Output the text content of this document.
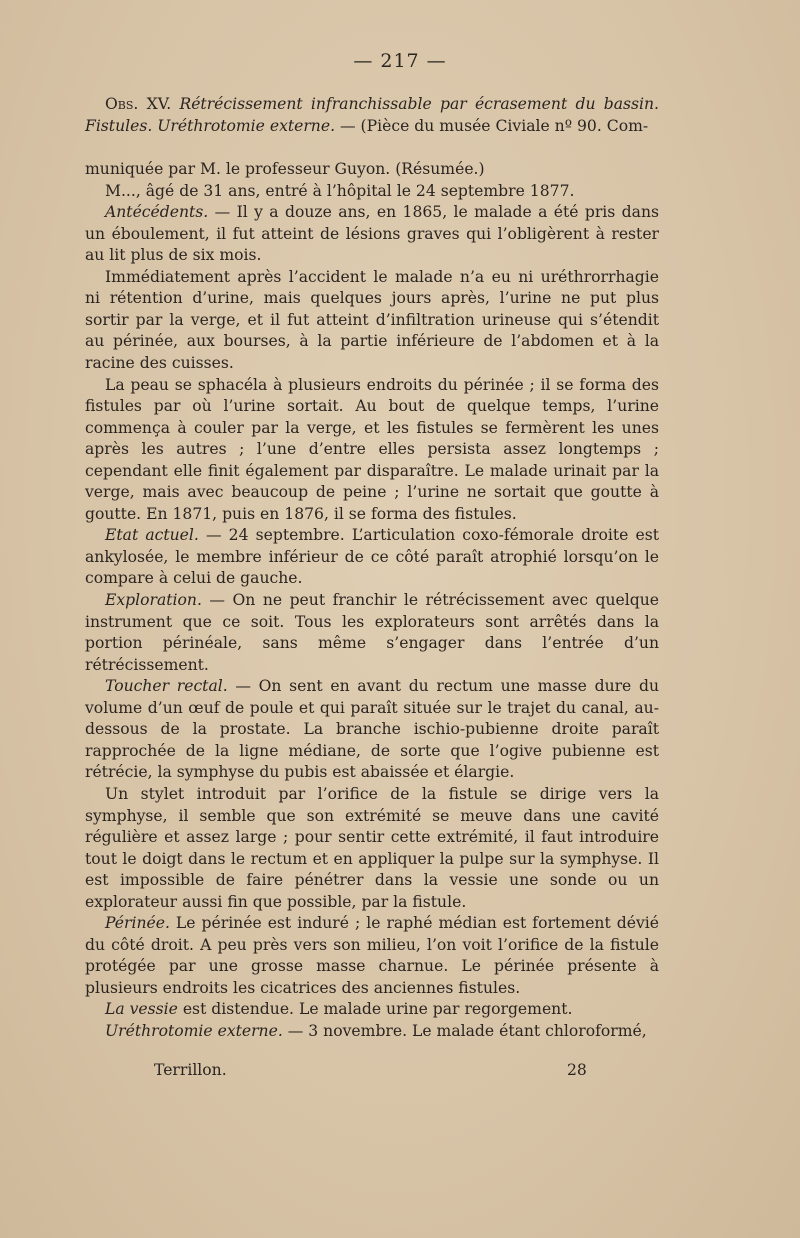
— 217 —

Obs. XV. Rétrécissement infranchissable par écrasement du bassin. Fistules. Uréthrotomie externe. — (Pièce du musée Civiale nº 90. Com-

muniquée par M. le professeur Guyon. (Résumée.)

M..., âgé de 31 ans, entré à l’hôpital le 24 septembre 1877.

Antécédents. — Il y a douze ans, en 1865, le malade a été pris dans un éboulement, il fut atteint de lésions graves qui l’obligèrent à rester au lit plus de six mois.

Immédiatement après l’accident le malade n’a eu ni uréthrorrhagie ni rétention d’urine, mais quelques jours après, l’urine ne put plus sortir par la verge, et il fut atteint d’infiltration urineuse qui s’étendit au périnée, aux bourses, à la partie inférieure de l’abdomen et à la racine des cuisses.

La peau se sphacéla à plusieurs endroits du périnée ; il se forma des fistules par où l’urine sortait. Au bout de quelque temps, l’urine commença à couler par la verge, et les fistules se fermèrent les unes après les autres ; l’une d’entre elles persista assez longtemps ; cependant elle finit également par disparaître. Le malade urinait par la verge, mais avec beaucoup de peine ; l’urine ne sortait que goutte à goutte. En 1871, puis en 1876, il se forma des fistules.

Etat actuel. — 24 septembre. L’articulation coxo-fémorale droite est ankylosée, le membre inférieur de ce côté paraît atrophié lorsqu’on le compare à celui de gauche.

Exploration. — On ne peut franchir le rétrécissement avec quelque instrument que ce soit. Tous les explorateurs sont arrêtés dans la portion périnéale, sans même s’engager dans l’entrée d’un rétrécissement.

Toucher rectal. — On sent en avant du rectum une masse dure du volume d’un œuf de poule et qui paraît située sur le trajet du canal, au-dessous de la prostate. La branche ischio-pubienne droite paraît rapprochée de la ligne médiane, de sorte que l’ogive pubienne est rétrécie, la symphyse du pubis est abaissée et élargie.

Un stylet introduit par l’orifice de la fistule se dirige vers la symphyse, il semble que son extrémité se meuve dans une cavité régulière et assez large ; pour sentir cette extrémité, il faut introduire tout le doigt dans le rectum et en appliquer la pulpe sur la symphyse. Il est impossible de faire pénétrer dans la vessie une sonde ou un explorateur aussi fin que possible, par la fistule.

Périnée. Le périnée est induré ; le raphé médian est fortement dévié du côté droit. A peu près vers son milieu, l’on voit l’orifice de la fistule protégée par une grosse masse charnue. Le périnée présente à plusieurs endroits les cicatrices des anciennes fistules.

La vessie est distendue. Le malade urine par regorgement.

Uréthrotomie externe. — 3 novembre. Le malade étant chloroformé,

Terrillon.	28
